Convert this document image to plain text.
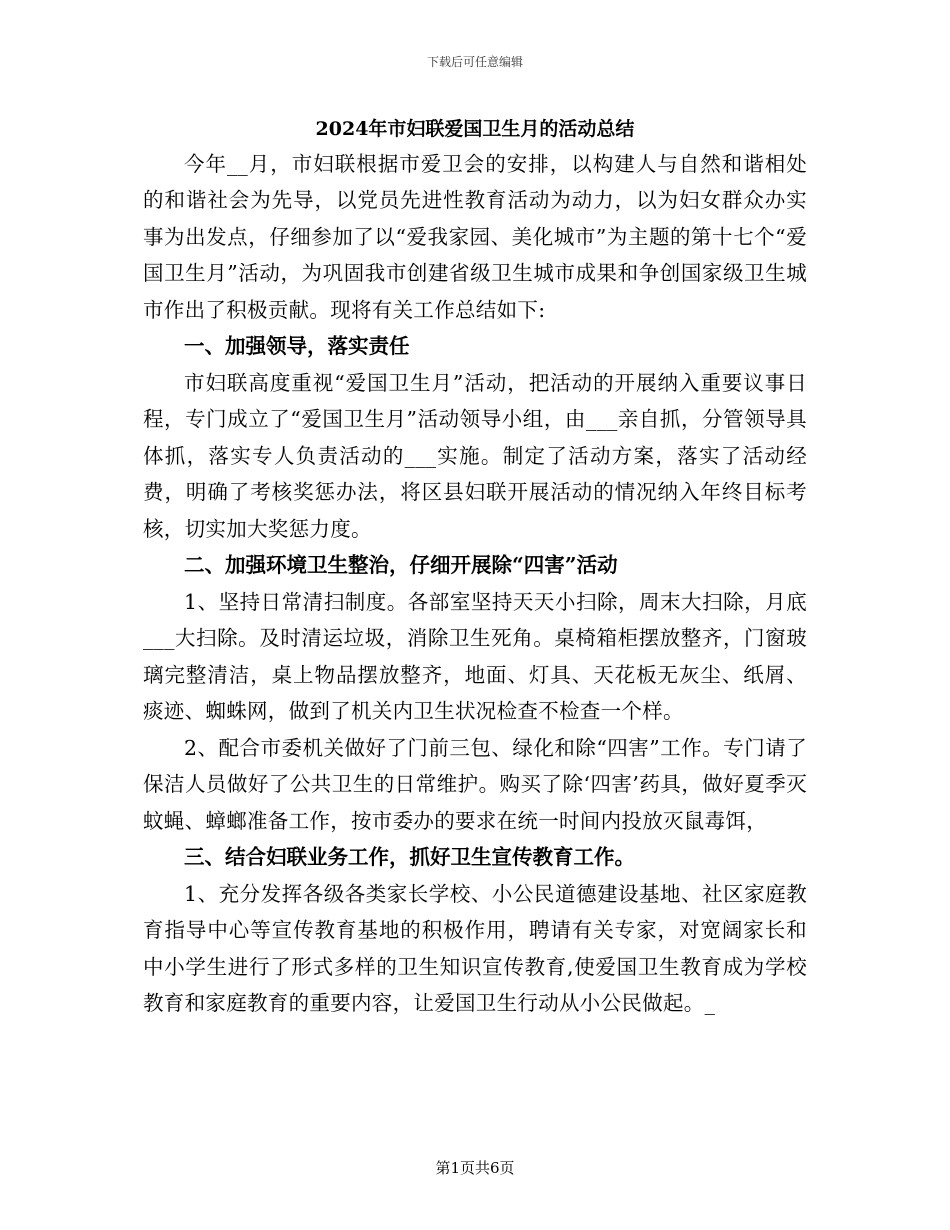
下载后可任意编辑
2024年市妇联爱国卫生月的活动总结

今年__月，市妇联根据市爱卫会的安排，以构建人与自然和谐相处的和谐社会为先导，以党员先进性教育活动为动力，以为妇女群众办实事为出发点，仔细参加了以“爱我家园、美化城市”为主题的第十七个“爱国卫生月”活动，为巩固我市创建省级卫生城市成果和争创国家级卫生城市作出了积极贡献。现将有关工作总结如下:

一、加强领导，落实责任

市妇联高度重视“爱国卫生月”活动，把活动的开展纳入重要议事日程，专门成立了“爱国卫生月”活动领导小组，由___亲自抓，分管领导具体抓，落实专人负责活动的___实施。制定了活动方案，落实了活动经费，明确了考核奖惩办法，将区县妇联开展活动的情况纳入年终目标考核，切实加大奖惩力度。

二、加强环境卫生整治，仔细开展除“四害”活动

1、坚持日常清扫制度。各部室坚持天天小扫除，周末大扫除，月底___大扫除。及时清运垃圾，消除卫生死角。桌椅箱柜摆放整齐，门窗玻璃完整清洁，桌上物品摆放整齐，地面、灯具、天花板无灰尘、纸屑、痰迹、蜘蛛网，做到了机关内卫生状况检查不检查一个样。

2、配合市委机关做好了门前三包、绿化和除“四害”工作。专门请了保洁人员做好了公共卫生的日常维护。购买了除‘四害’药具，做好夏季灭蚊蝇、蟑螂准备工作，按市委办的要求在统一时间内投放灭鼠毒饵，

三、结合妇联业务工作，抓好卫生宣传教育工作。

1、充分发挥各级各类家长学校、小公民道德建设基地、社区家庭教育指导中心等宣传教育基地的积极作用，聘请有关专家，对宽阔家长和中小学生进行了形式多样的卫生知识宣传教育,使爱国卫生教育成为学校教育和家庭教育的重要内容，让爱国卫生行动从小公民做起。_

第1页共6页
